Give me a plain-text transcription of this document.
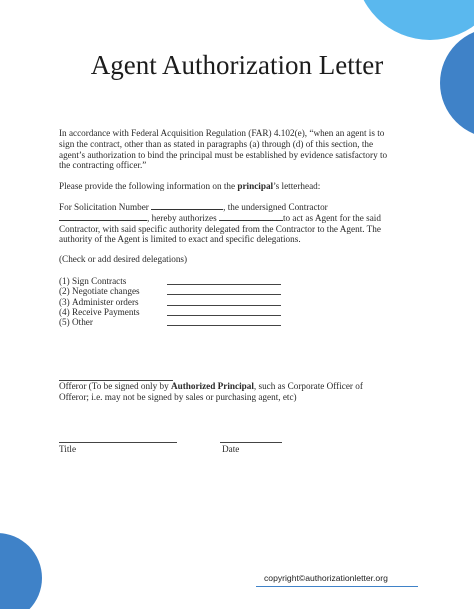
Agent Authorization Letter
In accordance with Federal Acquisition Regulation (FAR) 4.102(e), “when an agent is to
sign the contract, other than as stated in paragraphs (a) through (d) of this section, the
agent’s authorization to bind the principal must be established by evidence satisfactory to
the contracting officer.”
Please provide the following information on the principal’s letterhead:
For Solicitation Number	, the undersigned Contractor
, hereby authorizes	to act as Agent for the said
Contractor, with said specific authority delegated from the Contractor to the Agent. The
authority of the Agent is limited to exact and specific delegations.
(Check or add desired delegations)
(1) Sign Contracts
(2) Negotiate changes
(3) Administer orders
(4) Receive Payments
(5) Other
Offeror (To be signed only by Authorized Principal, such as Corporate Officer of
Offeror; i.e. may not be signed by sales or purchasing agent, etc)
Title	Date
copyright©authorizationletter.org
